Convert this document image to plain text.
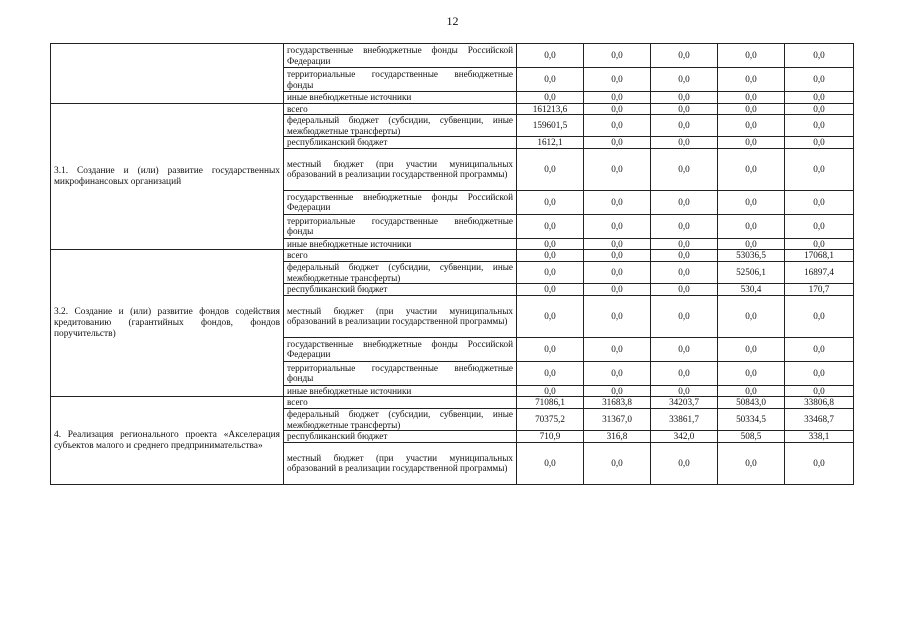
12
	государственные внебюджетные фонды Российской Федерации	0,0	0,0	0,0	0,0	0,0
	территориальные государственные внебюджетные фонды	0,0	0,0	0,0	0,0	0,0
	иные внебюджетные источники	0,0	0,0	0,0	0,0	0,0
3.1. Создание и (или) развитие государственных микрофинансовых организаций	всего	161213,6	0,0	0,0	0,0	0,0
	федеральный бюджет (субсидии, субвенции, иные межбюджетные трансферты)	159601,5	0,0	0,0	0,0	0,0
	республиканский бюджет	1612,1	0,0	0,0	0,0	0,0
	местный бюджет (при участии муниципальных образований в реализации государственной программы)	0,0	0,0	0,0	0,0	0,0
	государственные внебюджетные фонды Российской Федерации	0,0	0,0	0,0	0,0	0,0
	территориальные государственные внебюджетные фонды	0,0	0,0	0,0	0,0	0,0
	иные внебюджетные источники	0,0	0,0	0,0	0,0	0,0
3.2. Создание и (или) развитие фондов содействия кредитованию (гарантийных фондов, фондов поручительств)	всего	0,0	0,0	0,0	53036,5	17068,1
	федеральный бюджет (субсидии, субвенции, иные межбюджетные трансферты)	0,0	0,0	0,0	52506,1	16897,4
	республиканский бюджет	0,0	0,0	0,0	530,4	170,7
	местный бюджет (при участии муниципальных образований в реализации государственной программы)	0,0	0,0	0,0	0,0	0,0
	государственные внебюджетные фонды Российской Федерации	0,0	0,0	0,0	0,0	0,0
	территориальные государственные внебюджетные фонды	0,0	0,0	0,0	0,0	0,0
	иные внебюджетные источники	0,0	0,0	0,0	0,0	0,0
4. Реализация регионального проекта «Акселерация субъектов малого и среднего предпринимательства»	всего	71086,1	31683,8	34203,7	50843,0	33806,8
	федеральный бюджет (субсидии, субвенции, иные межбюджетные трансферты)	70375,2	31367,0	33861,7	50334,5	33468,7
	республиканский бюджет	710,9	316,8	342,0	508,5	338,1
	местный бюджет (при участии муниципальных образований в реализации государственной программы)	0,0	0,0	0,0	0,0	0,0
